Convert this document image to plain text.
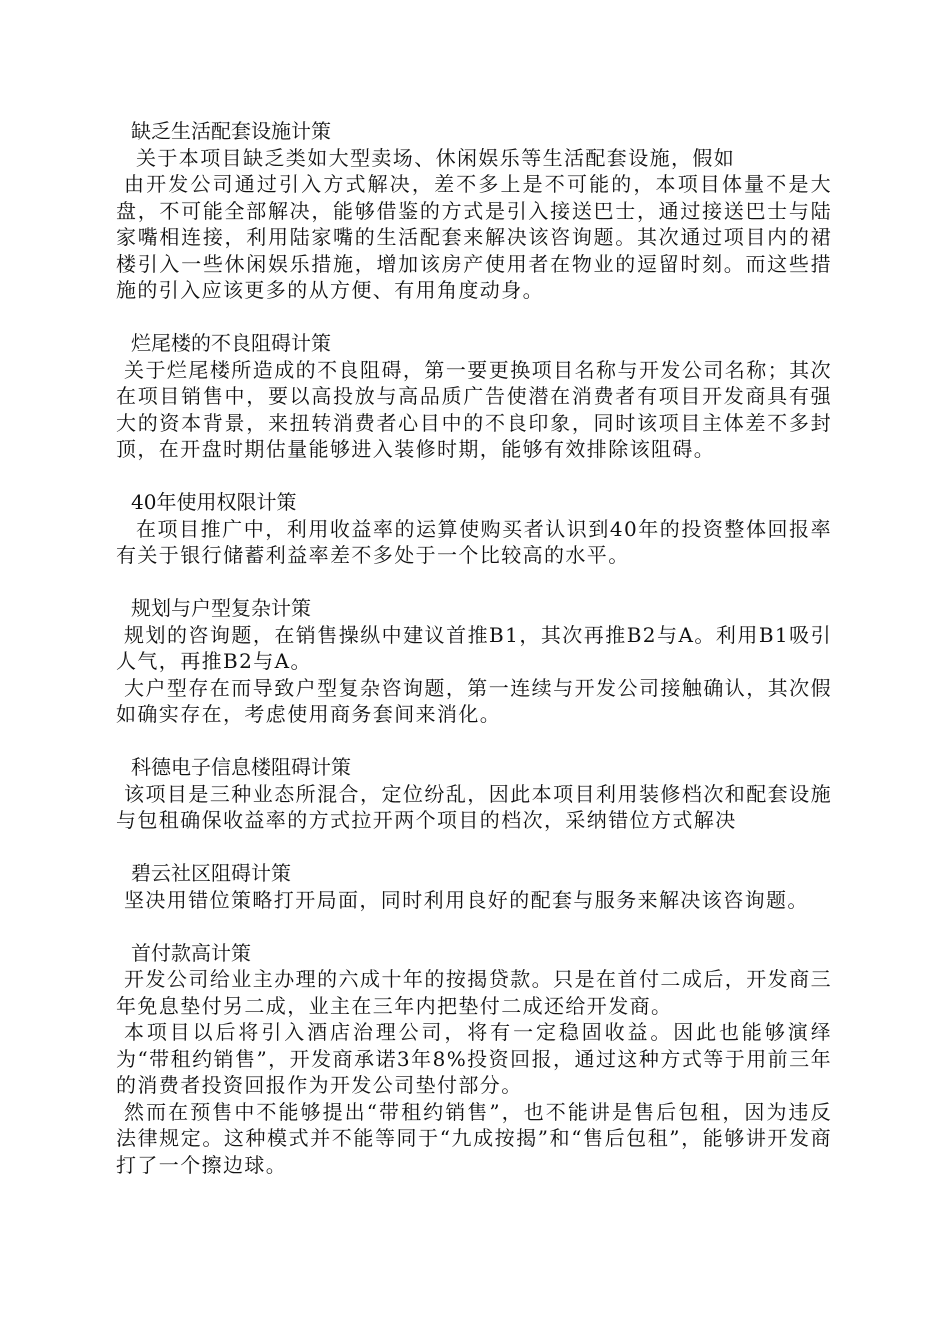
缺乏生活配套设施计策
关于本项目缺乏类如大型卖场、休闲娱乐等生活配套设施，假如
由开发公司通过引入方式解决，差不多上是不可能的，本项目体量不是大盘，不可能全部解决，能够借鉴的方式是引入接送巴士，通过接送巴士与陆家嘴相连接，利用陆家嘴的生活配套来解决该咨询题。其次通过项目内的裙楼引入一些休闲娱乐措施，增加该房产使用者在物业的逗留时刻。而这些措施的引入应该更多的从方便、有用角度动身。
烂尾楼的不良阻碍计策
关于烂尾楼所造成的不良阻碍，第一要更换项目名称与开发公司名称；其次在项目销售中，要以高投放与高品质广告使潜在消费者有项目开发商具有强大的资本背景，来扭转消费者心目中的不良印象，同时该项目主体差不多封顶，在开盘时期估量能够进入装修时期，能够有效排除该阻碍。
40年使用权限计策
在项目推广中，利用收益率的运算使购买者认识到40年的投资整体回报率有关于银行储蓄利益率差不多处于一个比较高的水平。
规划与户型复杂计策
规划的咨询题，在销售操纵中建议首推B1，其次再推B2与A。利用B1吸引人气，再推B2与A。
大户型存在而导致户型复杂咨询题，第一连续与开发公司接触确认，其次假如确实存在，考虑使用商务套间来消化。
科德电子信息楼阻碍计策
该项目是三种业态所混合，定位纷乱，因此本项目利用装修档次和配套设施与包租确保收益率的方式拉开两个项目的档次，采纳错位方式解决
碧云社区阻碍计策
坚决用错位策略打开局面，同时利用良好的配套与服务来解决该咨询题。
首付款高计策
开发公司给业主办理的六成十年的按揭贷款。只是在首付二成后，开发商三年免息垫付另二成，业主在三年内把垫付二成还给开发商。
本项目以后将引入酒店治理公司，将有一定稳固收益。因此也能够演绎为“带租约销售”，开发商承诺3年8%投资回报，通过这种方式等于用前三年的消费者投资回报作为开发公司垫付部分。
然而在预售中不能够提出“带租约销售”，也不能讲是售后包租，因为违反法律规定。这种模式并不能等同于“九成按揭”和“售后包租”，能够讲开发商打了一个擦边球。
